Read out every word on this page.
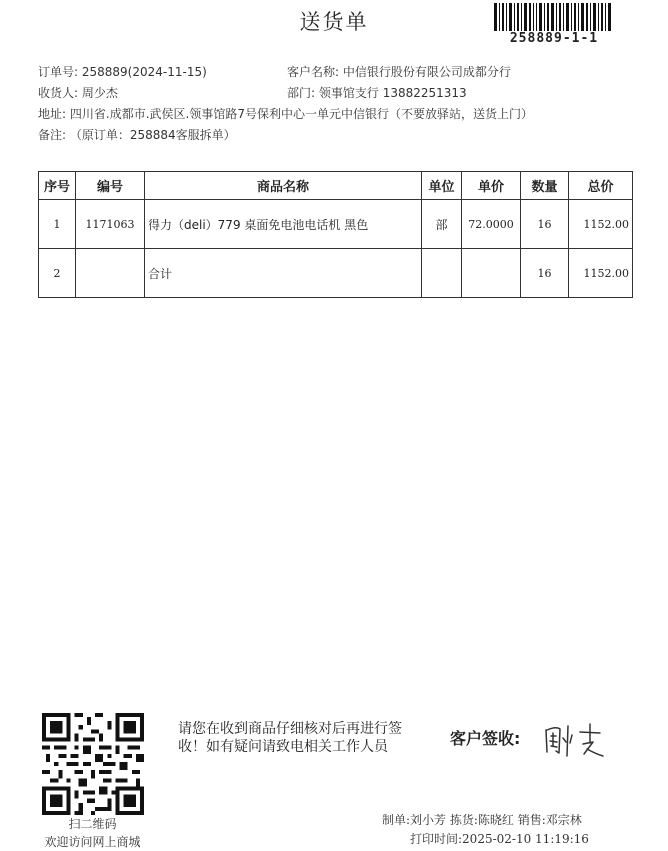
送货单
258889-1-1
订单号: 258889(2024-11-15)	客户名称: 中信银行股份有限公司成都分行
收货人: 周少杰	部门: 领事馆支行 13882251313
地址: 四川省.成都市.武侯区.领事馆路7号保利中心一单元中信银行（不要放驿站，送货上门）
备注: （原订单：258884客服拆单）
序号	编号	商品名称	单位	单价	数量	总价
1	1171063	得力（deli）779 桌面免电池电话机 黑色	部	72.0000	16	1152.00
2		合计			16	1152.00
扫二维码
欢迎访问网上商城
请您在收到商品仔细核对后再进行签
收！如有疑问请致电相关工作人员	客户签收:
制单:刘小芳 拣货:陈晓红 销售:邓宗林
打印时间:2025-02-10 11:19:16
